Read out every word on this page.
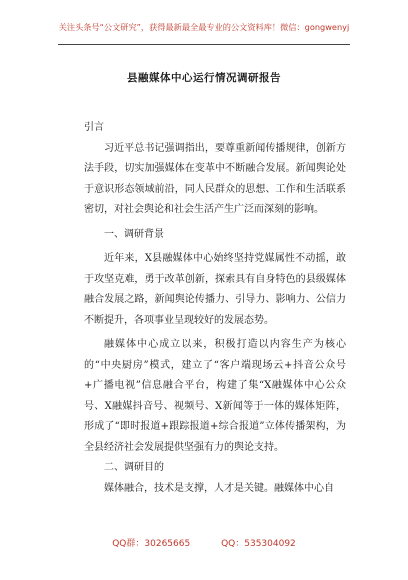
关注头条号“公文研究”，获得最新最全最专业的公文资料库！微信：gongwenyj
县融媒体中心运行情况调研报告

引言

习近平总书记强调指出，要尊重新闻传播规律，创新方法手段，切实加强媒体在变革中不断融合发展。新闻舆论处于意识形态领域前沿，同人民群众的思想、工作和生活联系密切，对社会舆论和社会生活产生广泛而深刻的影响。

一、调研背景

近年来，X县融媒体中心始终坚持党媒属性不动摇，敢于攻坚克难，勇于改革创新，探索具有自身特色的县级媒体融合发展之路，新闻舆论传播力、引导力、影响力、公信力不断提升，各项事业呈现较好的发展态势。

融媒体中心成立以来，积极打造以内容生产为核心的“中央厨房”模式，建立了“客户端现场云+抖音公众号+广播电视”信息融合平台，构建了集“X融媒体中心公众号、X融媒抖音号、视频号、X新闻等于一体的媒体矩阵，形成了“即时报道+跟踪报道+综合报道”立体传播架构，为全县经济社会发展提供坚强有力的舆论支持。

二、调研目的

媒体融合，技术是支撑，人才是关键。融媒体中心自

QQ群：30265665	QQ：535304092
